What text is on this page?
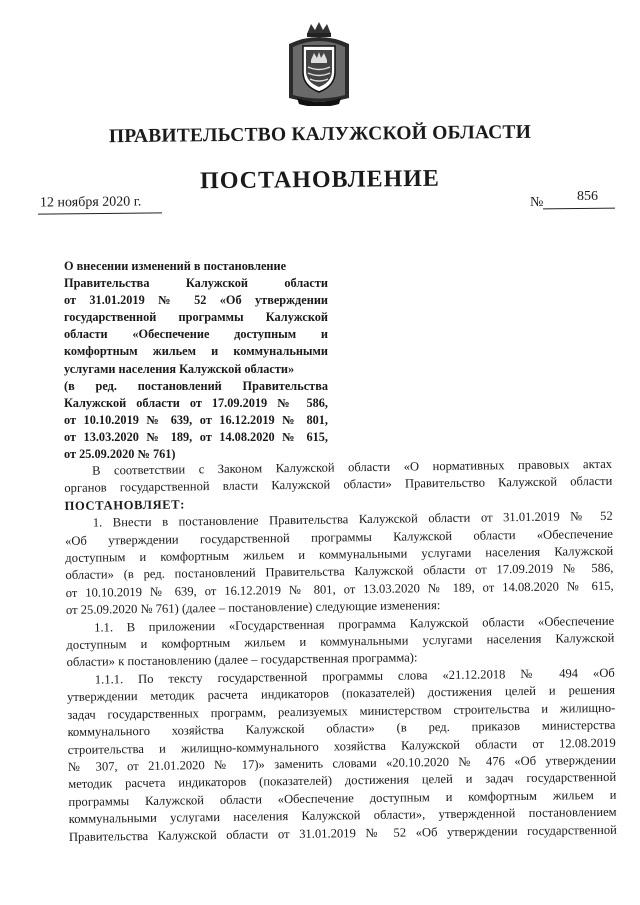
ПРАВИТЕЛЬСТВО КАЛУЖСКОЙ ОБЛАСТИ
ПОСТАНОВЛЕНИЕ
12 ноября 2020 г.	№ 856
О внесении изменений в постановление
Правительства Калужской области
от 31.01.2019 № 52 «Об утверждении
государственной программы Калужской
области «Обеспечение доступным и
комфортным жильем и коммунальными
услугами населения Калужской области»
(в ред. постановлений Правительства
Калужской области от 17.09.2019 № 586,
от 10.10.2019 № 639, от 16.12.2019 № 801,
от 13.03.2020 № 189, от 14.08.2020 № 615,
от 25.09.2020 № 761)
В соответствии с Законом Калужской области «О нормативных правовых актах
органов государственной власти Калужской области» Правительство Калужской области
ПОСТАНОВЛЯЕТ:
1. Внести в постановление Правительства Калужской области от 31.01.2019 № 52
«Об утверждении государственной программы Калужской области «Обеспечение
доступным и комфортным жильем и коммунальными услугами населения Калужской
области» (в ред. постановлений Правительства Калужской области от 17.09.2019 № 586,
от 10.10.2019 № 639, от 16.12.2019 № 801, от 13.03.2020 № 189, от 14.08.2020 № 615,
от 25.09.2020 № 761) (далее – постановление) следующие изменения:
1.1. В приложении «Государственная программа Калужской области «Обеспечение
доступным и комфортным жильем и коммунальными услугами населения Калужской
области» к постановлению (далее – государственная программа):
1.1.1. По тексту государственной программы слова «21.12.2018 № 494 «Об
утверждении методик расчета индикаторов (показателей) достижения целей и решения
задач государственных программ, реализуемых министерством строительства и жилищно-
коммунального хозяйства Калужской области» (в ред. приказов министерства
строительства и жилищно-коммунального хозяйства Калужской области от 12.08.2019
№ 307, от 21.01.2020 № 17)» заменить словами «20.10.2020 № 476 «Об утверждении
методик расчета индикаторов (показателей) достижения целей и задач государственной
программы Калужской области «Обеспечение доступным и комфортным жильем и
коммунальными услугами населения Калужской области», утвержденной постановлением
Правительства Калужской области от 31.01.2019 № 52 «Об утверждении государственной
